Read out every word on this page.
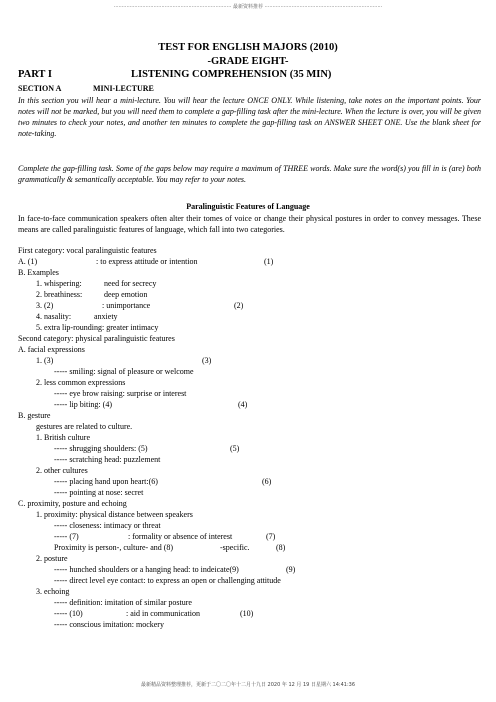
·········································································· 最新资料推荐 ··········································································
TEST FOR ENGLISH MAJORS (2010)
-GRADE EIGHT-
PART I	LISTENING COMPREHENSION (35 MIN)
SECTION A	MINI-LECTURE
In this section you will hear a mini-lecture. You will hear the lecture ONCE ONLY. While listening, take notes on the important points. Your notes will not be marked, but you will need them to complete a gap-filling task after the mini-lecture. When the lecture is over, you will be given two minutes to check your notes, and another ten minutes to complete the gap-filling task on ANSWER SHEET ONE. Use the blank sheet for note-taking.
Complete the gap-filling task. Some of the gaps below may require a maximum of THREE words. Make sure the word(s) you fill in is (are) both grammatically & semantically acceptable. You may refer to your notes.
Paralinguistic Features of Language
In face-to-face communication speakers often alter their tomes of voice or change their physical postures in order to convey messages. These means are called paralinguistic features of language, which fall into two categories.
First category: vocal paralinguistic features
A. (1)	: to express attitude or intention	(1)
B. Examples
1. whispering:	need for secrecy
2. breathiness:	deep emotion
3. (2)	: unimportance	(2)
4. nasality:	anxiety
5. extra lip-rounding: greater intimacy
Second category: physical paralinguistic features
A. facial expressions
1. (3)	(3)
----- smiling: signal of pleasure or welcome
2. less common expressions
----- eye brow raising: surprise or interest
----- lip biting: (4)	(4)
B. gesture
gestures are related to culture.
1. British culture
----- shrugging shoulders: (5)	(5)
----- scratching head: puzzlement
2. other cultures
----- placing hand upon heart:(6)	(6)
----- pointing at nose: secret
C. proximity, posture and echoing
1. proximity: physical distance between speakers
----- closeness: intimacy or threat
----- (7)	: formality or absence of interest	(7)
Proximity is person-, culture- and (8)	-specific.	(8)
2. posture
----- hunched shoulders or a hanging head: to indeicate(9)	(9)
----- direct level eye contact: to express an open or challenging attitude
3. echoing
----- definition: imitation of similar posture
----- (10)	: aid in communication	(10)
----- conscious imitation: mockery
最新精品资料整理推荐，更新于二〇二〇年十二月十九日 2020 年 12 月 19 日星期六 14:41:36
